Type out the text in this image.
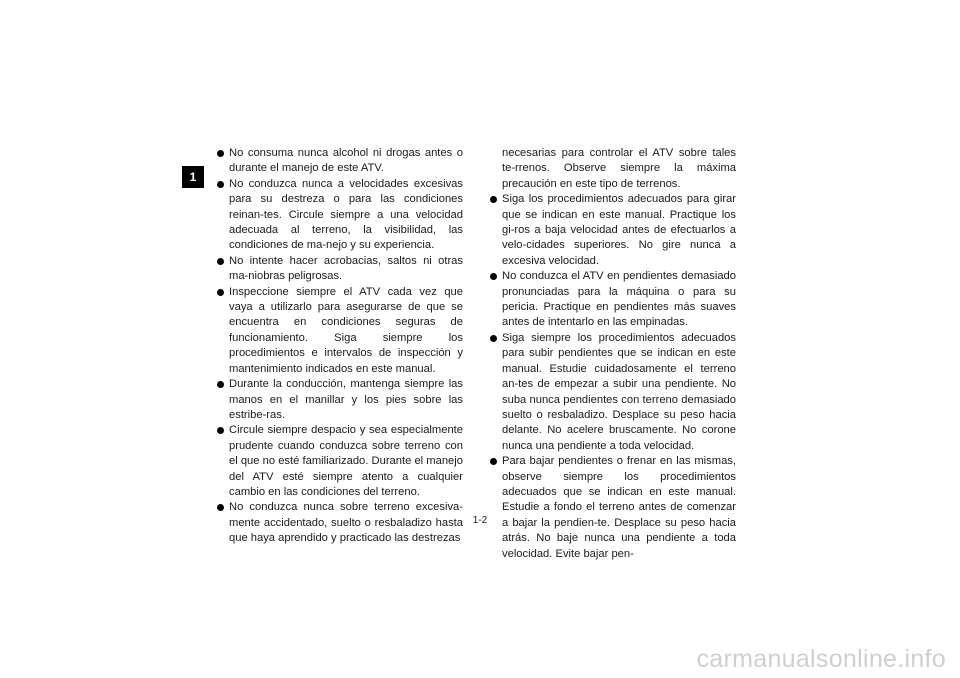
1
No consuma nunca alcohol ni drogas antes o durante el manejo de este ATV.
No conduzca nunca a velocidades excesivas para su destreza o para las condiciones reinan-tes. Circule siempre a una velocidad adecuada al terreno, la visibilidad, las condiciones de ma-nejo y su experiencia.
No intente hacer acrobacias, saltos ni otras ma-niobras peligrosas.
Inspeccione siempre el ATV cada vez que vaya a utilizarlo para asegurarse de que se encuentra en condiciones seguras de funcionamiento. Siga siempre los procedimientos e intervalos de inspección y mantenimiento indicados en este manual.
Durante la conducción, mantenga siempre las manos en el manillar y los pies sobre las estribe-ras.
Circule siempre despacio y sea especialmente prudente cuando conduzca sobre terreno con el que no esté familiarizado. Durante el manejo del ATV esté siempre atento a cualquier cambio en las condiciones del terreno.
No conduzca nunca sobre terreno excesiva-mente accidentado, suelto o resbaladizo hasta que haya aprendido y practicado las destrezas

necesarias para controlar el ATV sobre tales te-rrenos. Observe siempre la máxima precaución en este tipo de terrenos.

Siga los procedimientos adecuados para girar que se indican en este manual. Practique los gi-ros a baja velocidad antes de efectuarlos a velo-cidades superiores. No gire nunca a excesiva velocidad.
No conduzca el ATV en pendientes demasiado pronunciadas para la máquina o para su pericia. Practique en pendientes más suaves antes de intentarlo en las empinadas.
Siga siempre los procedimientos adecuados para subir pendientes que se indican en este manual. Estudie cuidadosamente el terreno an-tes de empezar a subir una pendiente. No suba nunca pendientes con terreno demasiado suelto o resbaladizo. Desplace su peso hacia delante. No acelere bruscamente. No corone nunca una pendiente a toda velocidad.
Para bajar pendientes o frenar en las mismas, observe siempre los procedimientos adecuados que se indican en este manual. Estudie a fondo el terreno antes de comenzar a bajar la pendien-te. Desplace su peso hacia atrás. No baje nunca una pendiente a toda velocidad. Evite bajar pen-
1-2
carmanualsonline.info
